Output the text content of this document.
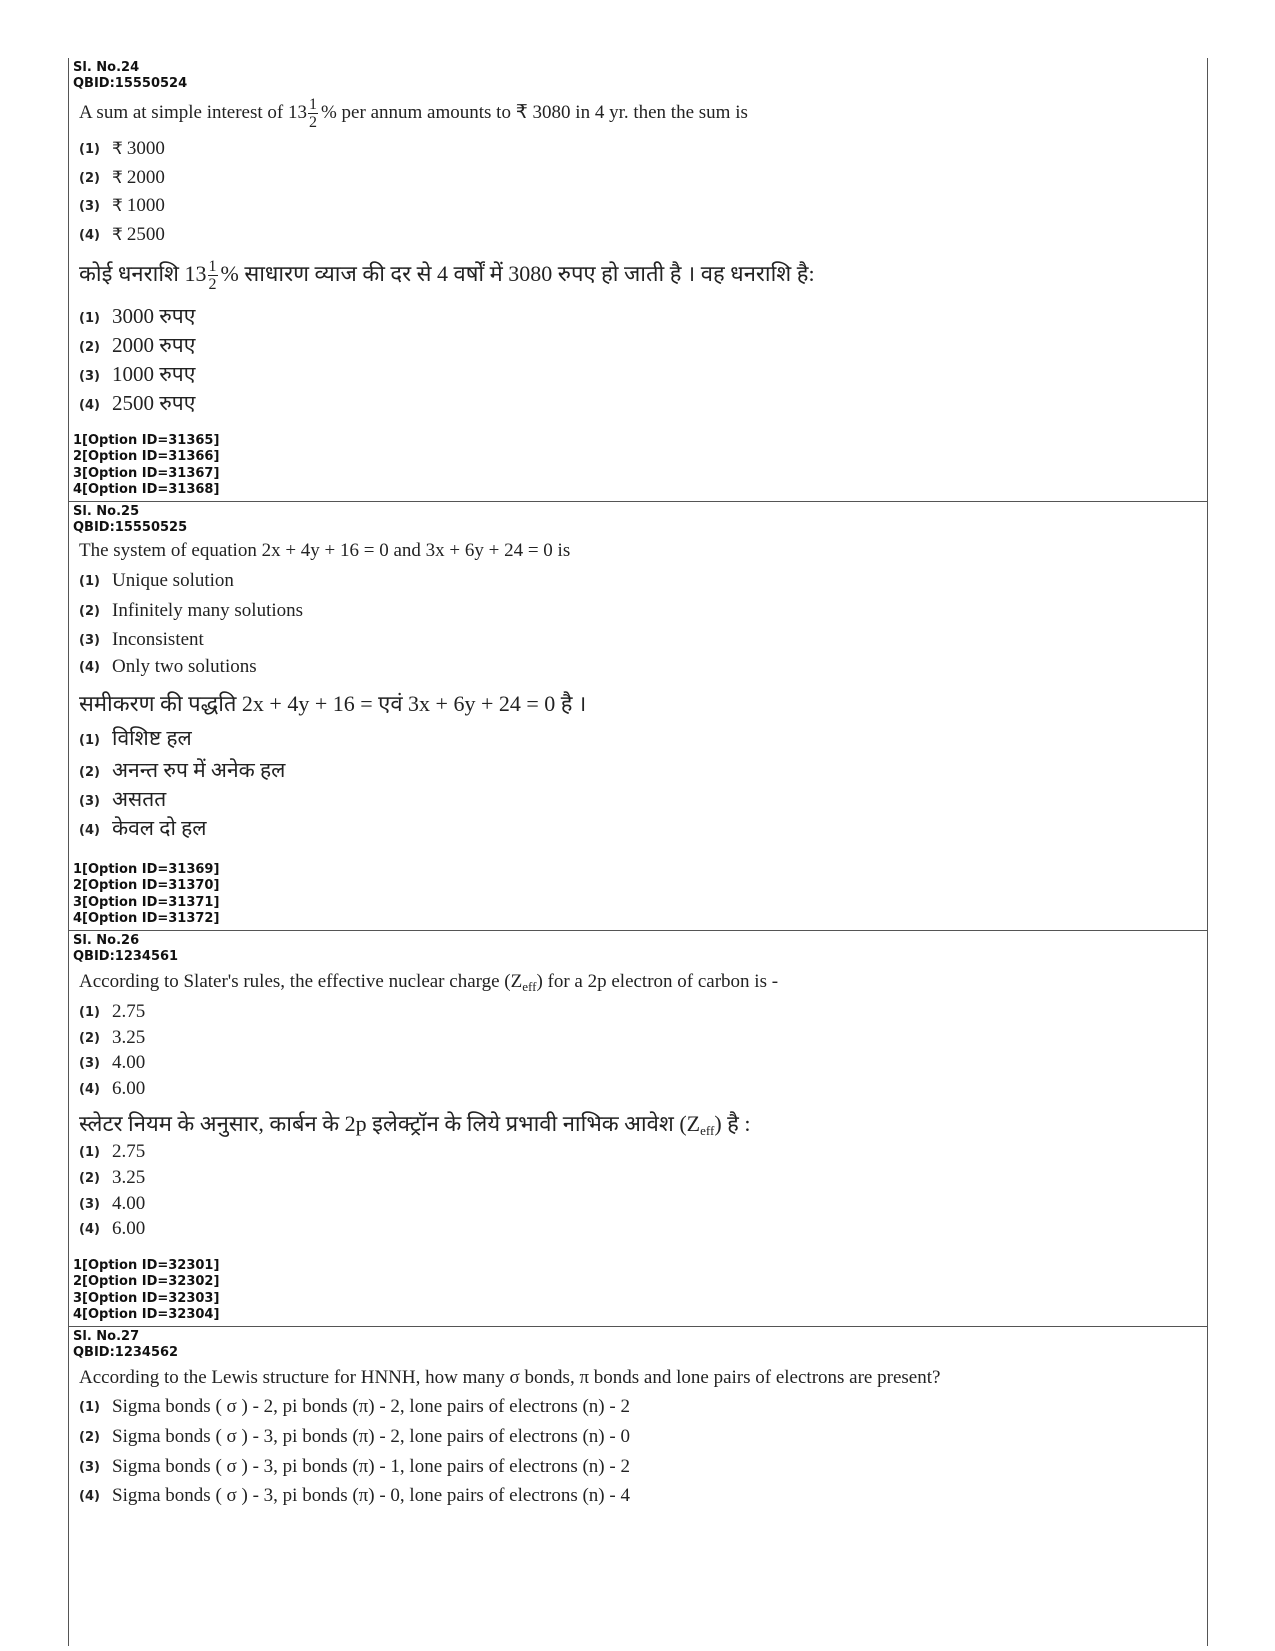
Sl. No.24
QBID:15550524
A sum at simple interest of $13 \frac{1}{2}$ % per annum amounts to ₹ 3080 in 4 yr. then the sum is
(1) ₹ 3000
(2) ₹ 2000
(3) ₹ 1000
(4) ₹ 2500
कोई धनराशि $13 \frac{1}{2}$ % साधारण व्याज की दर से 4 वर्षों में 3080 रुपए हो जाती है । वह धनराशि है:
(1) 3000 रुपए
(2) 2000 रुपए
(3) 1000 रुपए
(4) 2500 रुपए
1[Option ID=31365]
2[Option ID=31366]
3[Option ID=31367]
4[Option ID=31368]
Sl. No.25
QBID:15550525
The system of equation 2x + 4y + 16 = 0 and 3x + 6y + 24 = 0 is
(1) Unique solution
(2) Infinitely many solutions
(3) Inconsistent
(4) Only two solutions
समीकरण की पद्धति 2x + 4y + 16 = एवं 3x + 6y + 24 = 0 है ।
(1) विशिष्ट हल
(2) अनन्त रुप में अनेक हल
(3) असतत
(4) केवल दो हल
1[Option ID=31369]
2[Option ID=31370]
3[Option ID=31371]
4[Option ID=31372]
Sl. No.26
QBID:1234561
According to Slater's rules, the effective nuclear charge $(Z_{eff})$ for a 2p electron of carbon is -
(1) 2.75
(2) 3.25
(3) 4.00
(4) 6.00
स्लेटर नियम के अनुसार, कार्बन के 2p इलेक्ट्रॉन के लिये प्रभावी नाभिक आवेश $(Z_{eff})$ है :
(1) 2.75
(2) 3.25
(3) 4.00
(4) 6.00
1[Option ID=32301]
2[Option ID=32302]
3[Option ID=32303]
4[Option ID=32304]
Sl. No.27
QBID:1234562
According to the Lewis structure for HNNH, how many σ bonds, π bonds and lone pairs of electrons are present?
(1) Sigma bonds ( σ ) - 2, pi bonds (π) - 2, lone pairs of electrons (n) - 2
(2) Sigma bonds ( σ ) - 3, pi bonds (π) - 2, lone pairs of electrons (n) - 0
(3) Sigma bonds ( σ ) - 3, pi bonds (π) - 1, lone pairs of electrons (n) - 2
(4) Sigma bonds ( σ ) - 3, pi bonds (π) - 0, lone pairs of electrons (n) - 4
